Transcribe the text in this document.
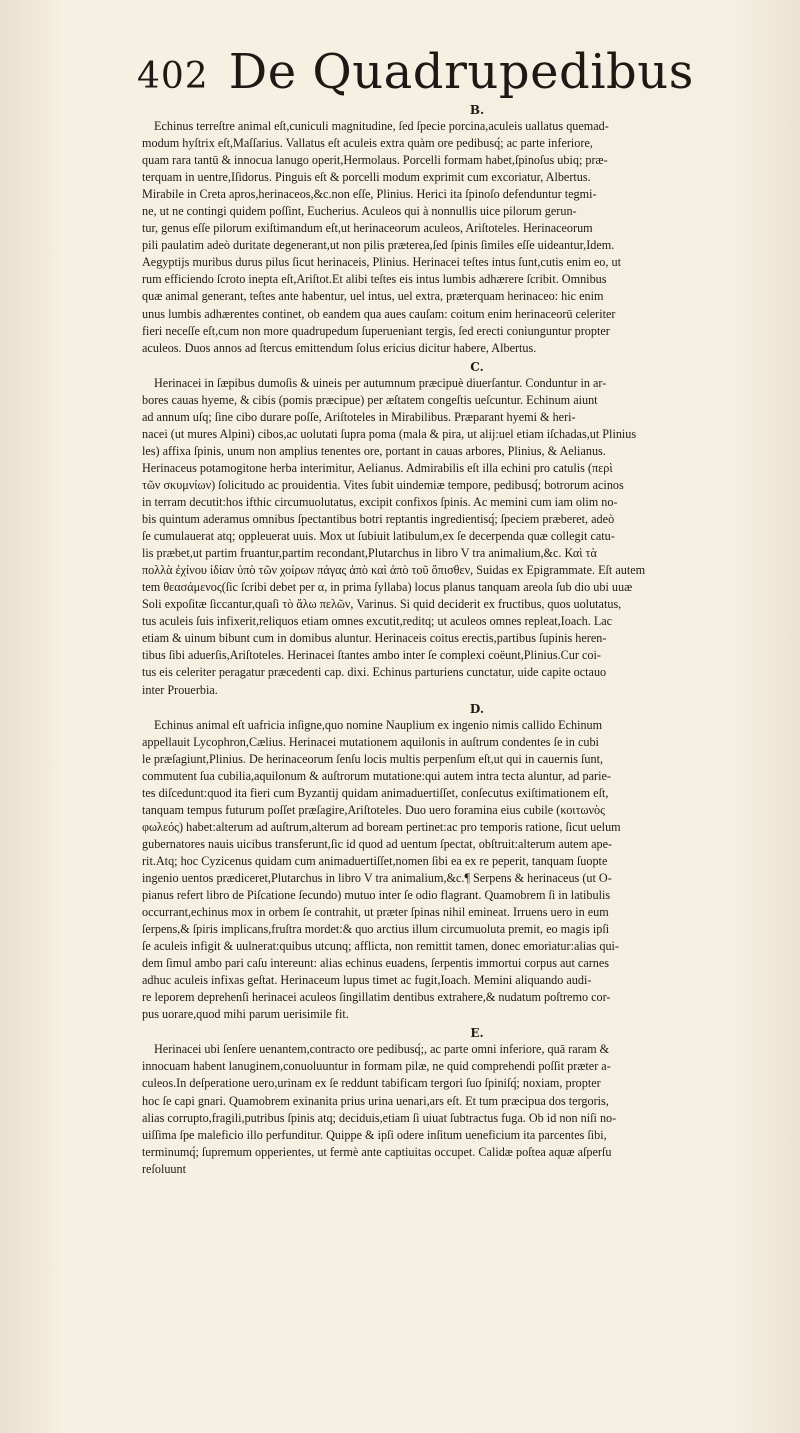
402 De Quadrupedibus
B.
Echinus terreſtre animal eſt,cuniculi magnitudine, ſed ſpecie porcina,aculeis uallatus quemad-
modum hyſtrix eſt,Maſſarius. Vallatus eſt aculeis extra quàm ore pedibusq́; ac parte inferiore,
quam rara tantū & innocua lanugo operit,Hermolaus. Porcelli formam habet,ſpinoſus ubiq; præ-
terquam in uentre,Iſidorus. Pinguis eſt & porcelli modum exprimit cum excoriatur, Albertus.
Mirabile in Creta apros,herinaceos,&c.non eſſe, Plinius. Herici ita ſpinoſo defenduntur tegmi-
ne, ut ne contingi quidem poſſint, Eucherius. Aculeos qui à nonnullis uice pilorum gerun-
tur, genus eſſe pilorum exiſtimandum eſt,ut herinaceorum aculeos, Ariſtoteles. Herinaceorum
pili paulatim adeò duritate degenerant,ut non pilis præterea,ſed ſpinis ſimiles eſſe uideantur,Idem.
Aegyptijs muribus durus pilus ſicut herinaceis, Plinius. Herinacei teſtes intus ſunt,cutis enim eo, ut
rum efficiendo ſcroto inepta eſt,Ariſtot.Et alibi teſtes eis intus lumbis adhærere ſcribit. Omnibus
quæ animal generant, teſtes ante habentur, uel intus, uel extra, præterquam herinaceo: hic enim
unus lumbis adhærentes continet, ob eandem qua aues cauſam: coitum enim herinaceorū celeriter
fieri neceſſe eſt,cum non more quadrupedum ſuperueniant tergis, ſed erecti coniunguntur propter
aculeos. Duos annos ad ſtercus emittendum ſolus ericius dicitur habere, Albertus.
C.
Herinacei in ſæpibus dumoſis & uineis per autumnum præcipuè diuerſantur. Conduntur in ar-
bores cauas hyeme, & cibis (pomis præcipue) per æſtatem congeſtis ueſcuntur. Echinum aiunt
ad annum uſq; ſine cibo durare poſſe, Ariſtoteles in Mirabilibus. Præparant hyemi & heri-
nacei (ut mures Alpini) cibos,ac uolutati ſupra poma (mala & pira, ut alij:uel etiam iſchadas,ut Plinius
les) affixa ſpinis, unum non amplius tenentes ore, portant in cauas arbores, Plinius, & Aelianus.
Herinaceus potamogitone herba interimitur, Aelianus. Admirabilis eſt illa echini pro catulis (περὶ
τῶν σκυμνίων) ſolicitudo ac prouidentia. Vites ſubit uindemiæ tempore, pedibusq́; botrorum acinos
in terram decutit:hos ifthic circumuolutatus, excipit confixos ſpinis. Ac memini cum iam olim no-
bis quintum aderamus omnibus ſpectantibus botri reptantis ingredientisq́; ſpeciem præberet, adeò
ſe cumulauerat atq; oppleuerat uuis. Mox ut ſubiuit latibulum,ex ſe decerpenda quæ collegit catu-
lis præbet,ut partim fruantur,partim recondant,Plutarchus in libro V tra animalium,&c. Καὶ τὰ
πολλὰ ἐχίνου ἰδίαν ὑπὸ τῶν χοίρων πάγας ἀπὸ καὶ ἀπὸ τοῦ ὄπισθεν, Suidas ex Epigrammate. Eſt autem
tem θεασάμενος(ſic ſcribi debet per α, in prima ſyllaba) locus planus tanquam areola ſub dio ubi uuæ
Soli expoſitæ ſiccantur,quaſi τὸ ἄλω πελῶν, Varinus. Si quid deciderit ex fructibus, quos uolutatus,
tus aculeis ſuis infixerit,reliquos etiam omnes excutit,reditq; ut aculeos omnes repleat,Ioach. Lac
etiam & uinum bibunt cum in domibus aluntur. Herinaceis coitus erectis,partibus ſupinis heren-
tibus ſibi aduerſis,Ariſtoteles. Herinacei ſtantes ambo inter ſe complexi coëunt,Plinius.Cur coi-
tus eis celeriter peragatur præcedenti cap. dixi. Echinus parturiens cunctatur, uide capite octauo
inter Prouerbia.
D.
Echinus animal eſt uafricia inſigne,quo nomine Nauplium ex ingenio nimis callido Echinum
appellauit Lycophron,Cælius. Herinacei mutationem aquilonis in auſtrum condentes ſe in cubi
le præſagiunt,Plinius. De herinaceorum ſenſu locis multis perpenſum eſt,ut qui in cauernis ſunt,
commutent ſua cubilia,aquilonum & auſtrorum mutatione:qui autem intra tecta aluntur, ad parie-
tes diſcedunt:quod ita fieri cum Byzantij quidam animaduertiſſet, conſecutus exiſtimationem eſt,
tanquam tempus futurum poſſet præſagire,Ariſtoteles. Duo uero foramina eius cubile (κοιτωνὸς
φωλεός) habet:alterum ad auſtrum,alterum ad boream pertinet:ac pro temporis ratione, ſicut uelum
gubernatores nauis uicibus transferunt,ſic id quod ad uentum ſpectat, obſtruit:alterum autem ape-
rit.Atq; hoc Cyzicenus quidam cum animaduertiſſet,nomen ſibi ea ex re peperit, tanquam ſuopte
ingenio uentos prædiceret,Plutarchus in libro V tra animalium,&c.¶ Serpens & herinaceus (ut O-
pianus refert libro de Piſcatione ſecundo) mutuo inter ſe odio flagrant. Quamobrem ſi in latibulis
occurrant,echinus mox in orbem ſe contrahit, ut præter ſpinas nihil emineat. Irruens uero in eum
ſerpens,& ſpiris implicans,fruſtra mordet:& quo arctius illum circumuoluta premit, eo magis ipſi
ſe aculeis infigit & uulnerat:quibus utcunq; afflicta, non remittit tamen, donec emoriatur:alias qui-
dem ſimul ambo pari caſu intereunt: alias echinus euadens, ſerpentis immortui corpus aut carnes
adhuc aculeis infixas geſtat. Herinaceum lupus timet ac fugit,Ioach. Memini aliquando audi-
re leporem deprehenſi herinacei aculeos ſingillatim dentibus extrahere,& nudatum poſtremo cor-
pus uorare,quod mihi parum uerisimile fit.
E.
Herinacei ubi ſenſere uenantem,contracto ore pedibusq́;, ac parte omni inferiore, quā raram &
innocuam habent lanuginem,conuoluuntur in formam pilæ, ne quid comprehendi poſſit præter a-
culeos.In deſperatione uero,urinam ex ſe reddunt tabificam tergori ſuo ſpiniſq́; noxiam, propter
hoc ſe capi gnari. Quamobrem exinanita prius urina uenari,ars eſt. Et tum præcipua dos tergoris,
alias corrupto,fragili,putribus ſpinis atq; deciduis,etiam ſi uiuat ſubtractus fuga. Ob id non niſi no-
uiſſima ſpe maleficio illo perfunditur. Quippe & ipſi odere inſitum ueneficium ita parcentes ſibi,
terminumq́; ſupremum opperientes, ut fermè ante captiuitas occupet. Calidæ poſtea aquæ aſperſu
reſoluunt
